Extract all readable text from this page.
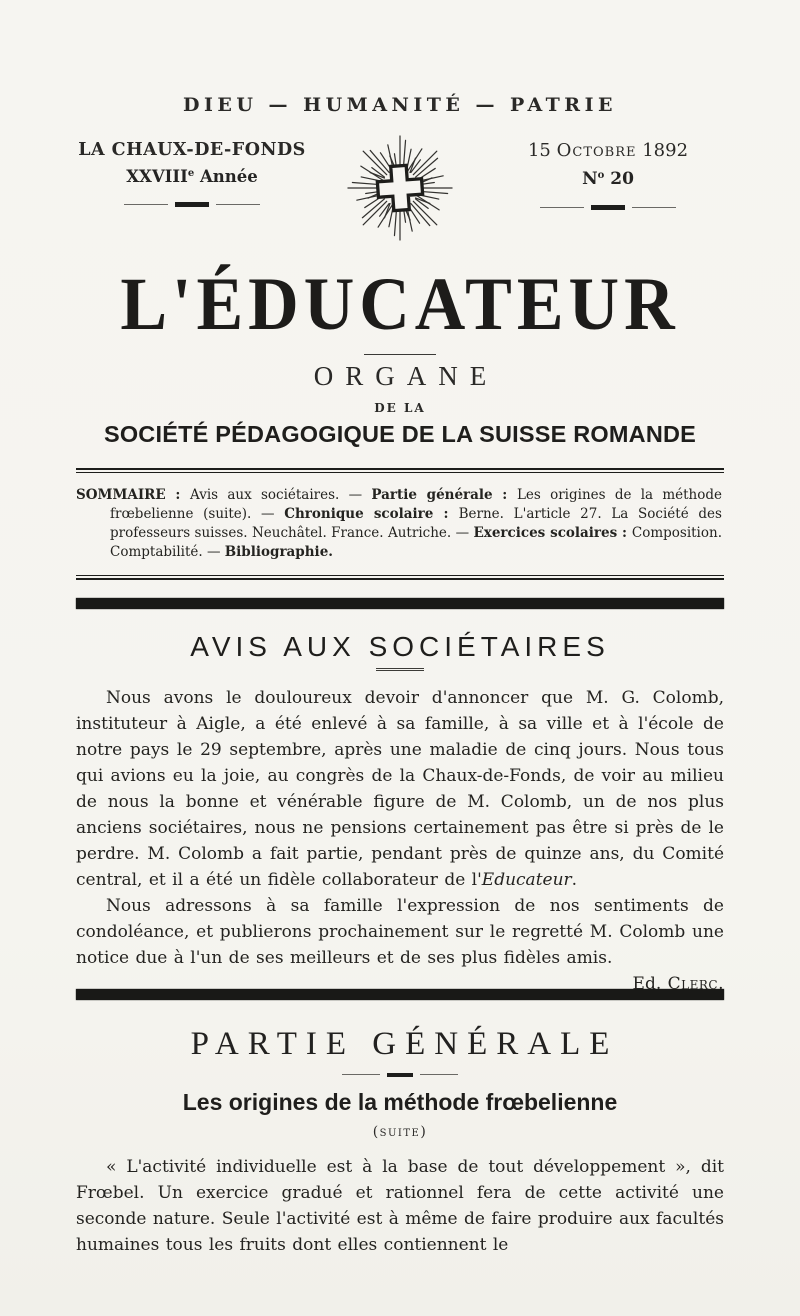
DIEU — HUMANITÉ — PATRIE
LA CHAUX-DE-FONDS
XXVIIIe Année
15 Octobre 1892
$N^o$ 20
L'ÉDUCATEUR
ORGANE
DE LA
SOCIÉTÉ PÉDAGOGIQUE DE LA SUISSE ROMANDE

SOMMAIRE : Avis aux sociétaires. — Partie générale : Les origines de la méthode frœbelienne (suite). — Chronique scolaire : Berne. L'article 27. La Société des professeurs suisses. Neuchâtel. France. Autriche. — Exercices scolaires : Composition. Comptabilité. — Bibliographie.

AVIS AUX SOCIÉTAIRES

Nous avons le douloureux devoir d'annoncer que M. G. Colomb, instituteur à Aigle, a été enlevé à sa famille, à sa ville et à l'école de notre pays le 29 septembre, après une maladie de cinq jours. Nous tous qui avions eu la joie, au congrès de la Chaux-de-Fonds, de voir au milieu de nous la bonne et vénérable figure de M. Colomb, un de nos plus anciens sociétaires, nous ne pensions certainement pas être si près de le perdre. M. Colomb a fait partie, pendant près de quinze ans, du Comité central, et il a été un fidèle collaborateur de l'Educateur.

Nous adressons à sa famille l'expression de nos sentiments de condoléance, et publierons prochainement sur le regretté M. Colomb une notice due à l'un de ses meilleurs et de ses plus fidèles amis.
Ed. Clerc.

PARTIE GÉNÉRALE
Les origines de la méthode frœbelienne
(suite)

« L'activité individuelle est à la base de tout développement », dit Frœbel. Un exercice gradué et rationnel fera de cette activité une seconde nature. Seule l'activité est à même de faire produire aux facultés humaines tous les fruits dont elles contiennent le
